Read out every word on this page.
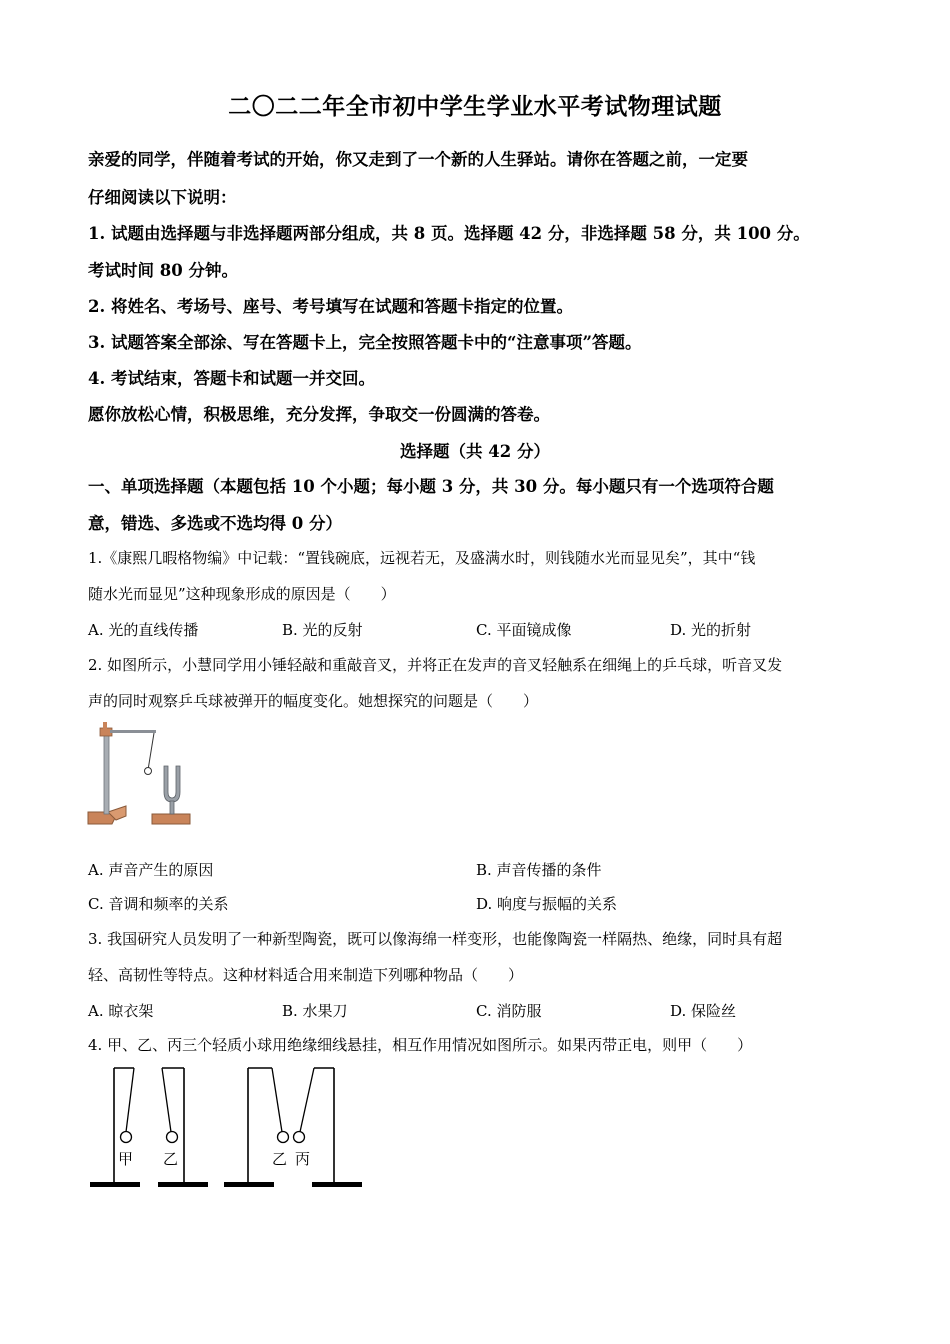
二〇二二年全市初中学生学业水平考试物理试题
亲爱的同学，伴随着考试的开始，你又走到了一个新的人生驿站。请你在答题之前，一定要
仔细阅读以下说明：
1. 试题由选择题与非选择题两部分组成，共 8 页。选择题 42 分，非选择题 58 分，共 100 分。
考试时间 80 分钟。
2. 将姓名、考场号、座号、考号填写在试题和答题卡指定的位置。
3. 试题答案全部涂、写在答题卡上，完全按照答题卡中的“注意事项”答题。
4. 考试结束，答题卡和试题一并交回。
愿你放松心情，积极思维，充分发挥，争取交一份圆满的答卷。
选择题（共 42 分）
一、单项选择题（本题包括 10 个小题；每小题 3 分，共 30 分。每小题只有一个选项符合题
意，错选、多选或不选均得 0 分）
1.《康熙几暇格物编》中记载：“置钱碗底，远视若无，及盛满水时，则钱随水光而显见矣”，其中“钱
随水光而显见”这种现象形成的原因是（　　）
A. 光的直线传播	B. 光的反射	C. 平面镜成像	D. 光的折射
2. 如图所示，小慧同学用小锤轻敲和重敲音叉，并将正在发声的音叉轻触系在细绳上的乒乓球，听音叉发
声的同时观察乒乓球被弹开的幅度变化。她想探究的问题是（　　）
A. 声音产生的原因	B. 声音传播的条件
C. 音调和频率的关系	D. 响度与振幅的关系
3. 我国研究人员发明了一种新型陶瓷，既可以像海绵一样变形，也能像陶瓷一样隔热、绝缘，同时具有超
轻、高韧性等特点。这种材料适合用来制造下列哪种物品（　　）
A. 晾衣架	B. 水果刀	C. 消防服	D. 保险丝
4. 甲、乙、丙三个轻质小球用绝缘细线悬挂，相互作用情况如图所示。如果丙带正电，则甲（　　）
甲 乙	乙 丙
